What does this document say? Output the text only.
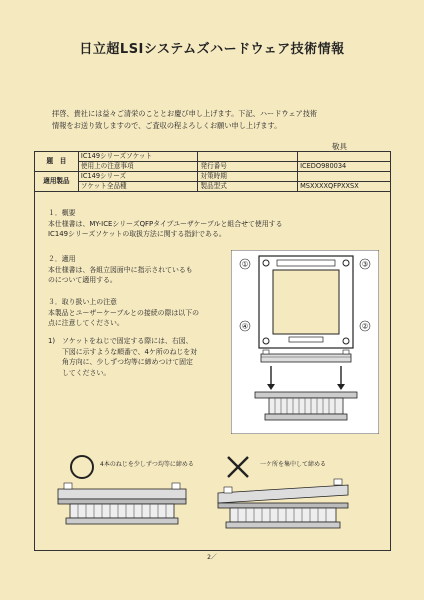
日立超LSIシステムズハードウェア技術情報
拝啓、貴社には益々ご清栄のこととお慶び申し上げます。下記、ハードウェア技術
情報をお送り致しますので、ご査収の程よろしくお願い申し上げます。
敬具
題　目	IC149シリーズソケット		
	使用上の注意事項	発行番号	ICEDO980034
適用製品	IC149シリーズ	対策時期	
	ソケット全品種	製品型式	MSXXXXQFPXXSX
１．概要
本仕様書は、MY-ICEシリーズQFPタイプユーザケーブルと組合せて使用する
IC149シリーズソケットの取扱方法に関する指針である。
２．適用
本仕様書は、各組立図面中に指示されているも
のについて適用する。
３．取り扱い上の注意
本製品とユーザーケーブルとの接続の際は以下の
点に注意してください。
1)	ソケットをねじで固定する際には、右図、
下図に示すような順番で、4ケ所のねじを対
角方向に、少しずつ均等に締めつけて固定
してください。
①	③
④	②
4本のねじを少しずつ均等に締める	一ケ所を集中して締める
2／
